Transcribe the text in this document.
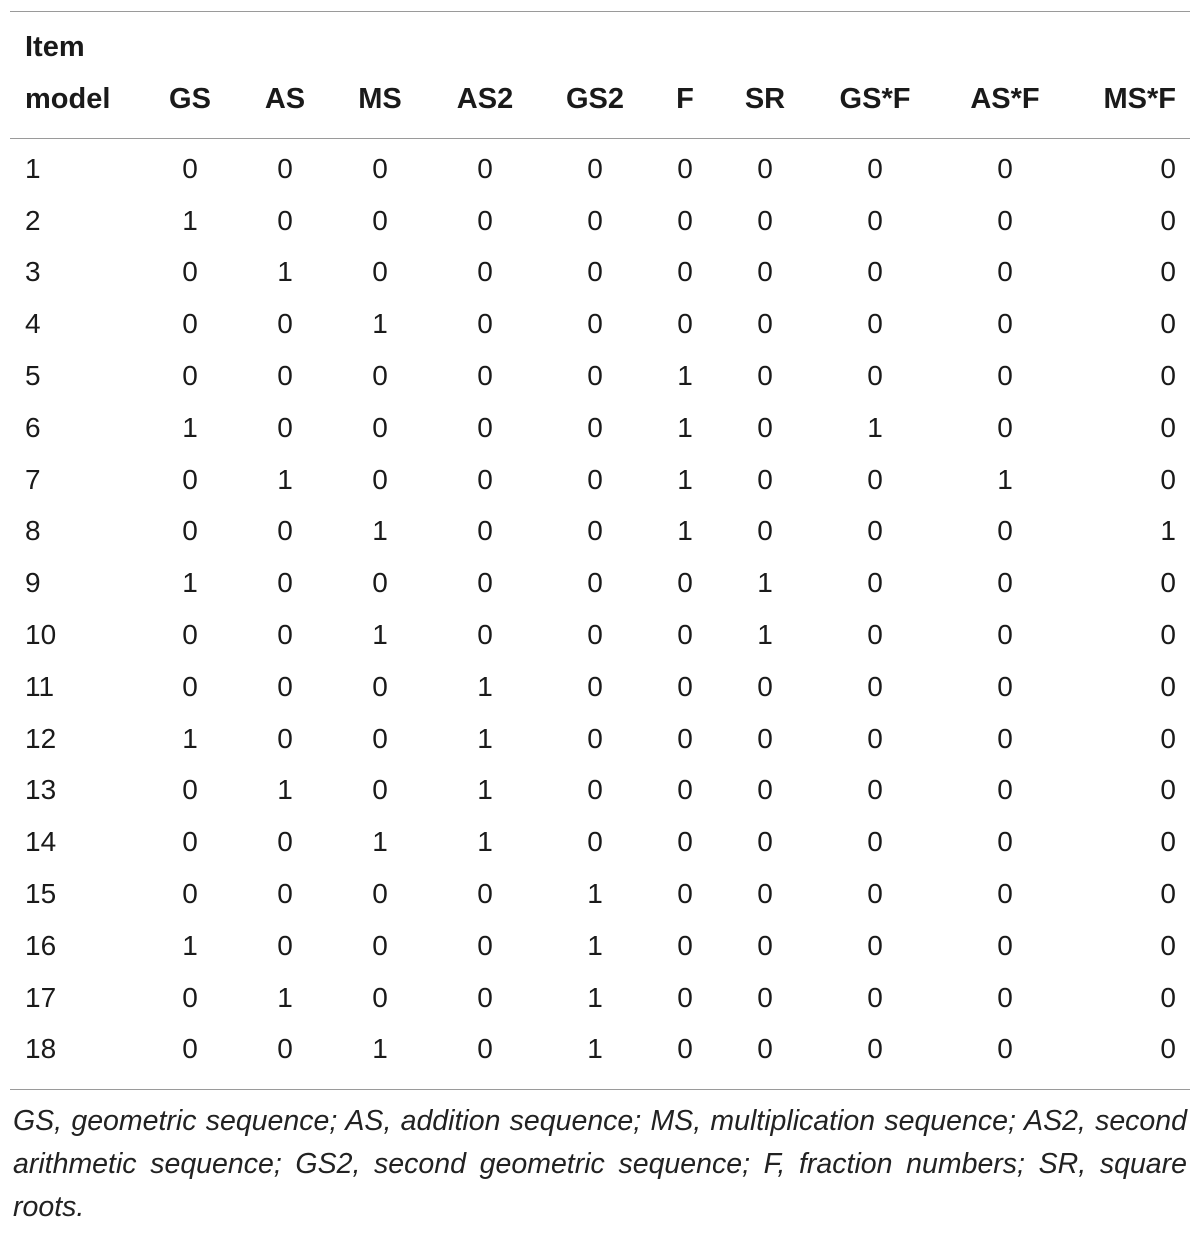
Item										
model	GS	AS	MS	AS2	GS2	F	SR	GS*F	AS*F	MS*F

1	0	0	0	0	0	0	0	0	0	0
2	1	0	0	0	0	0	0	0	0	0
3	0	1	0	0	0	0	0	0	0	0
4	0	0	1	0	0	0	0	0	0	0
5	0	0	0	0	0	1	0	0	0	0
6	1	0	0	0	0	1	0	1	0	0
7	0	1	0	0	0	1	0	0	1	0
8	0	0	1	0	0	1	0	0	0	1
9	1	0	0	0	0	0	1	0	0	0
10	0	0	1	0	0	0	1	0	0	0
11	0	0	0	1	0	0	0	0	0	0
12	1	0	0	1	0	0	0	0	0	0
13	0	1	0	1	0	0	0	0	0	0
14	0	0	1	1	0	0	0	0	0	0
15	0	0	0	0	1	0	0	0	0	0
16	1	0	0	0	1	0	0	0	0	0
17	0	1	0	0	1	0	0	0	0	0
18	0	0	1	0	1	0	0	0	0	0

GS, geometric sequence; AS, addition sequence; MS, multiplication sequence; AS2, second arithmetic sequence; GS2, second geometric sequence; F, fraction numbers; SR, square roots.
